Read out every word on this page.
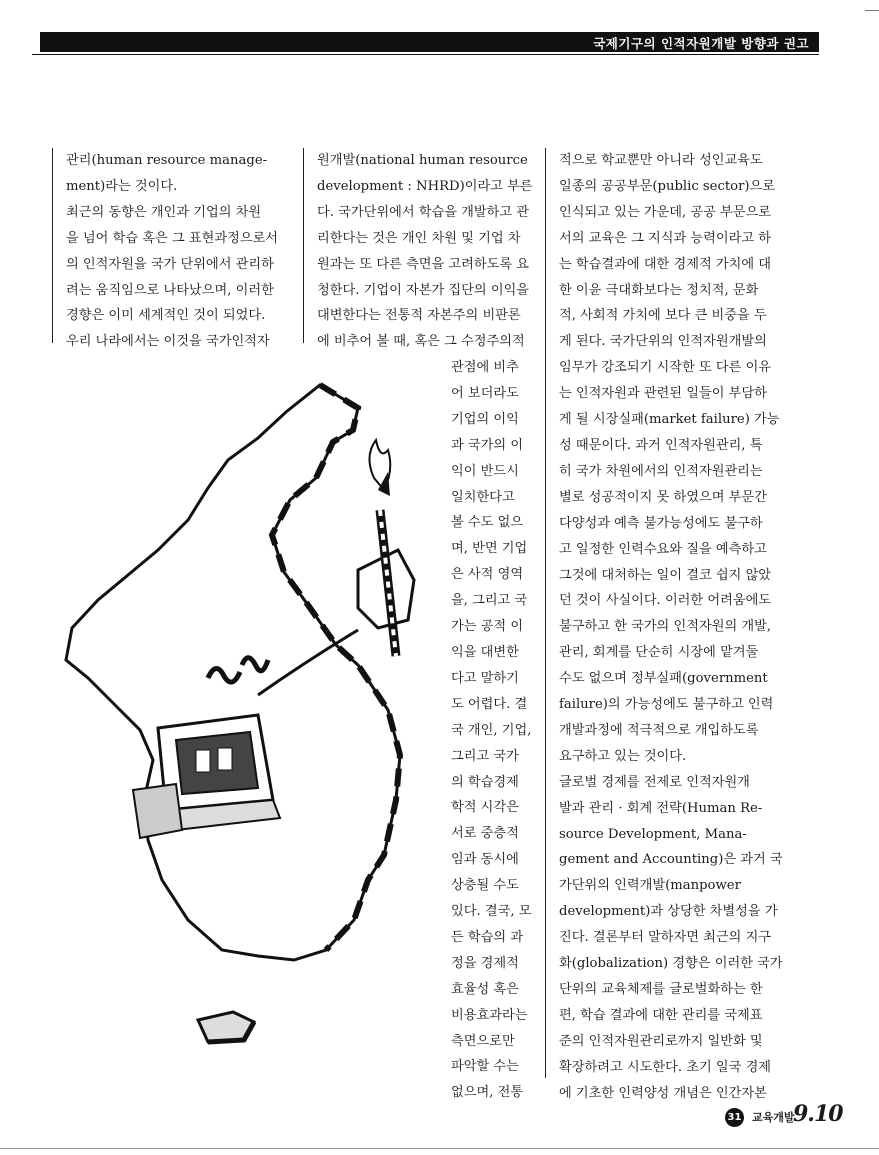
국제기구의 인적자원개발 방향과 권고

관리(human resource manage-

ment)라는 것이다.

최근의 동향은 개인과 기업의 차원

을 넘어 학습 혹은 그 표현과정으로서

의 인적자원을 국가 단위에서 관리하

려는 움직임으로 나타났으며, 이러한

경향은 이미 세계적인 것이 되었다.

우리 나라에서는 이것을 국가인적자

원개발(national human resource

development : NHRD)이라고 부른

다. 국가단위에서 학습을 개발하고 관

리한다는 것은 개인 차원 및 기업 차

원과는 또 다른 측면을 고려하도록 요

청한다. 기업이 자본가 집단의 이익을

대변한다는 전통적 자본주의 비판론

에 비추어 볼 때, 혹은 그 수정주의적

관점에 비추

어 보더라도

기업의 이익

과 국가의 이

익이 반드시

일치한다고

볼 수도 없으

며, 반면 기업

은 사적 영역

을, 그리고 국

가는 공적 이

익을 대변한

다고 말하기

도 어렵다. 결

국 개인, 기업,

그리고 국가

의 학습경제

학적 시각은

서로 중층적

임과 동시에

상충될 수도

있다. 결국, 모

든 학습의 과

정을 경제적

효율성 혹은

비용효과라는

측면으로만

파악할 수는

없으며, 전통

적으로 학교뿐만 아니라 성인교육도

일종의 공공부문(public sector)으로

인식되고 있는 가운데, 공공 부문으로

서의 교육은 그 지식과 능력이라고 하

는 학습결과에 대한 경제적 가치에 대

한 이윤 극대화보다는 정치적, 문화

적, 사회적 가치에 보다 큰 비중을 두

게 된다. 국가단위의 인적자원개발의

임무가 강조되기 시작한 또 다른 이유

는 인적자원과 관련된 일들이 부담하

게 될 시장실패(market failure) 가능

성 때문이다. 과거 인적자원관리, 특

히 국가 차원에서의 인적자원관리는

별로 성공적이지 못 하였으며 부문간

다양성과 예측 불가능성에도 불구하

고 일정한 인력수요와 질을 예측하고

그것에 대처하는 일이 결코 쉽지 않았

던 것이 사실이다. 이러한 어려움에도

불구하고 한 국가의 인적자원의 개발,

관리, 회계를 단순히 시장에 맡겨둘

수도 없으며 정부실패(government

failure)의 가능성에도 불구하고 인력

개발과정에 적극적으로 개입하도록

요구하고 있는 것이다.

글로벌 경제를 전제로 인적자원개

발과 관리 · 회계 전략(Human Re-

source Development, Mana-

gement and Accounting)은 과거 국

가단위의 인력개발(manpower

development)과 상당한 차별성을 가

진다. 결론부터 말하자면 최근의 지구

화(globalization) 경향은 이러한 국가

단위의 교육체제를 글로벌화하는 한

편, 학습 결과에 대한 관리를 국제표

준의 인적자원관리로까지 일반화 및

확장하려고 시도한다. 초기 일국 경제

에 기초한 인력양성 개념은 인간자본

31 교육개발
9.10
